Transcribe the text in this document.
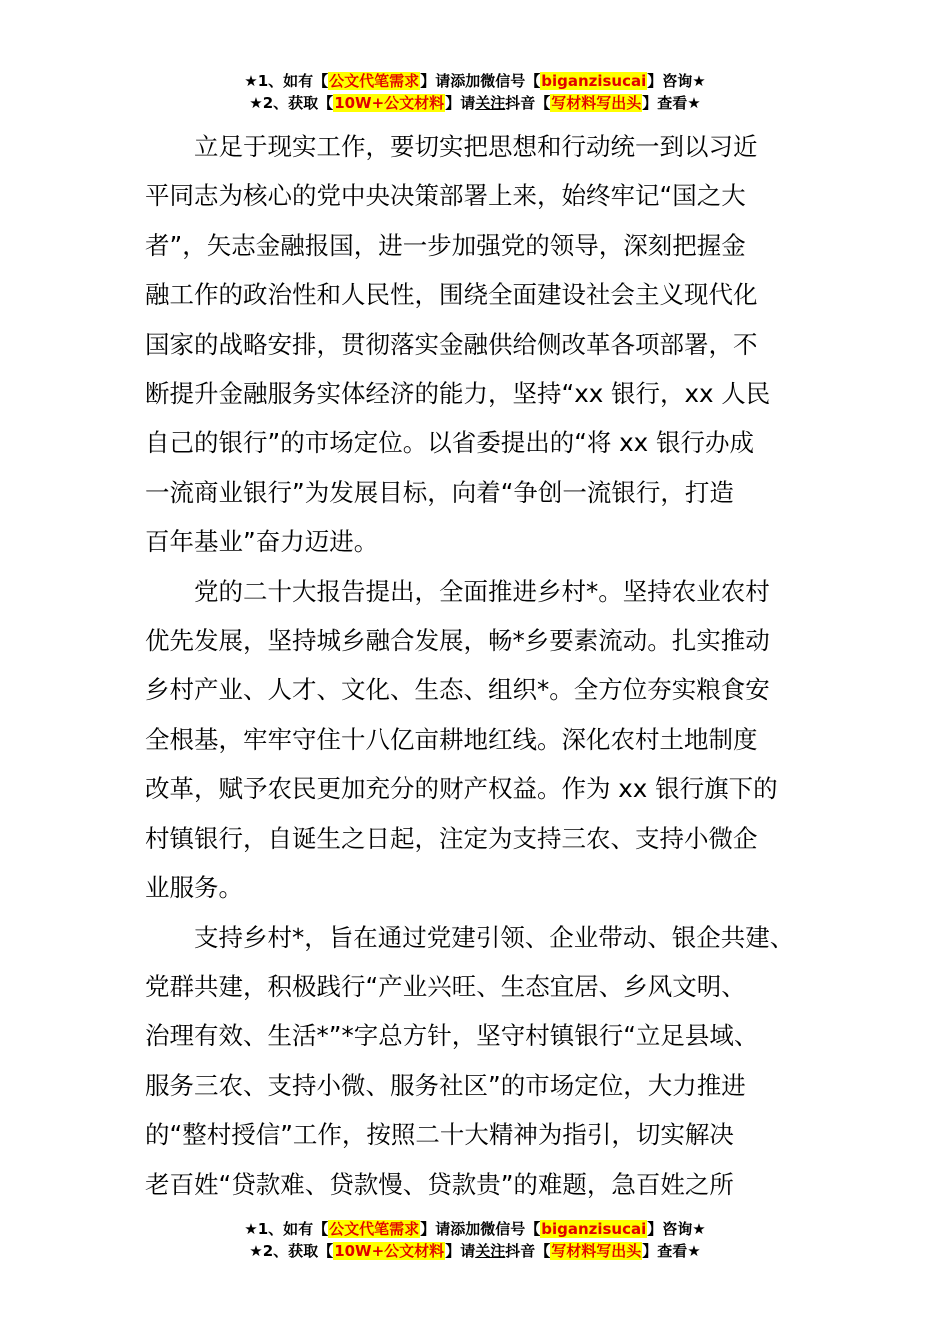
★1、如有【公文代笔需求】请添加微信号【biganzisucai】咨询★
★2、获取【10W+公文材料】请关注抖音【写材料写出头】查看★

立足于现实工作，要切实把思想和行动统一到以习近
平同志为核心的党中央决策部署上来，始终牢记“国之大
者”，矢志金融报国，进一步加强党的领导，深刻把握金
融工作的政治性和人民性，围绕全面建设社会主义现代化
国家的战略安排，贯彻落实金融供给侧改革各项部署，不
断提升金融服务实体经济的能力，坚持“xx 银行，xx 人民
自己的银行”的市场定位。以省委提出的“将 xx 银行办成
一流商业银行”为发展目标，向着“争创一流银行，打造
百年基业”奋力迈进。

党的二十大报告提出，全面推进乡村*。坚持农业农村
优先发展，坚持城乡融合发展，畅*乡要素流动。扎实推动
乡村产业、人才、文化、生态、组织*。全方位夯实粮食安
全根基，牢牢守住十八亿亩耕地红线。深化农村土地制度
改革，赋予农民更加充分的财产权益。作为 xx 银行旗下的
村镇银行，自诞生之日起，注定为支持三农、支持小微企
业服务。

支持乡村*，旨在通过党建引领、企业带动、银企共建、
党群共建，积极践行“产业兴旺、生态宜居、乡风文明、
治理有效、生活*”*字总方针，坚守村镇银行“立足县域、
服务三农、支持小微、服务社区”的市场定位，大力推进
的“整村授信”工作，按照二十大精神为指引，切实解决
老百姓“贷款难、贷款慢、贷款贵”的难题，急百姓之所

★1、如有【公文代笔需求】请添加微信号【biganzisucai】咨询★
★2、获取【10W+公文材料】请关注抖音【写材料写出头】查看★
